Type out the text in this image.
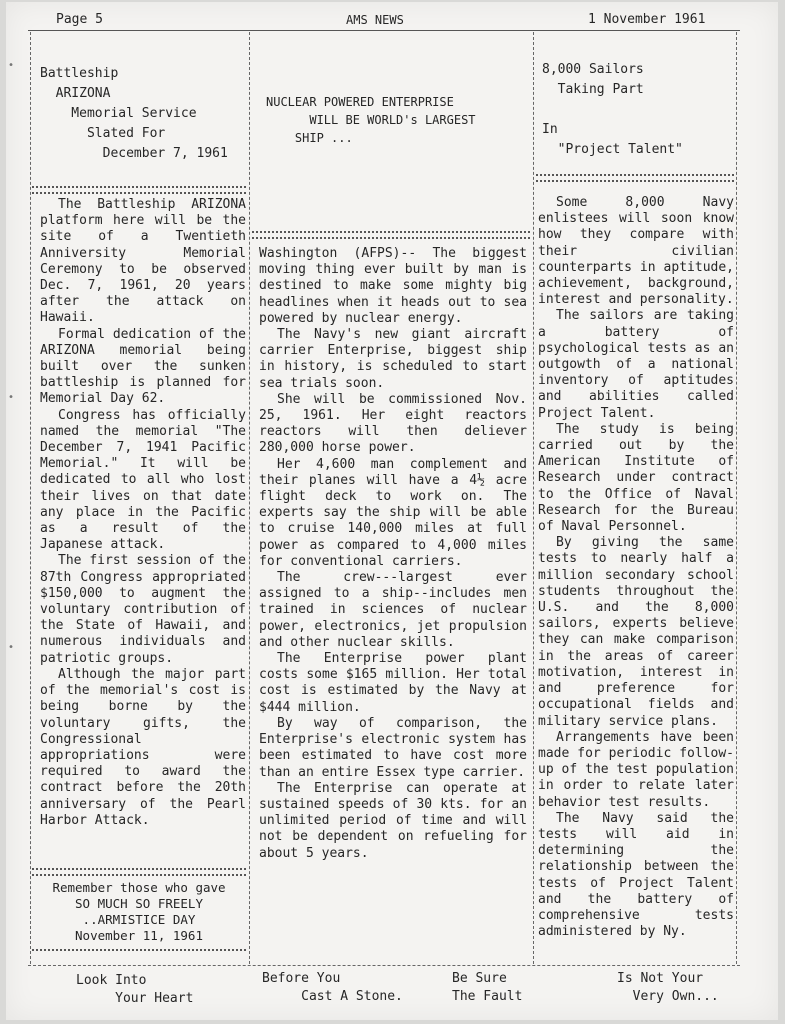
Page 5	AMS NEWS	1 November 1961
•
•
•
Battleship
ARIZONA
Memorial Service
Slated For
December 7, 1961
NUCLEAR POWERED ENTERPRISE
WILL BE WORLD's LARGEST
SHIP ...
8,000 Sailors
Taking Part

In
"Project Talent"

The Battleship ARIZONA platform here will be the site of a Twentieth Anniversity Memorial Ceremony to be observed Dec. 7, 1961, 20 years after the attack on Hawaii.

Formal dedication of the ARIZONA memorial being built over the sunken battleship is planned for Memorial Day 62.

Congress has officially named the memorial "The December 7, 1941 Pacific Memorial." It will be dedicated to all who lost their lives on that date any place in the Pacific as a result of the Japanese attack.

The first session of the 87th Congress appropriated $150,000 to augment the voluntary contribution of the State of Hawaii, and numerous individuals and patriotic groups.

Although the major part of the memorial's cost is being borne by the voluntary gifts, the Congressional appropriations were required to award the contract before the 20th anniversary of the Pearl Harbor Attack.

Remember those who gave
SO MUCH SO FREELY
..ARMISTICE DAY
November 11, 1961

Washington (AFPS)-- The biggest moving thing ever built by man is destined to make some mighty big headlines when it heads out to sea powered by nuclear energy.

The Navy's new giant aircraft carrier Enterprise, biggest ship in history, is scheduled to start sea trials soon.

She will be commissioned Nov. 25, 1961. Her eight reactors reactors will then deliever 280,000 horse power.

Her 4,600 man complement and their planes will have a 4½ acre flight deck to work on. The experts say the ship will be able to cruise 140,000 miles at full power as compared to 4,000 miles for conventional carriers.

The crew---largest ever assigned to a ship--includes men trained in sciences of nuclear power, electronics, jet propulsion and other nuclear skills.

The Enterprise power plant costs some $165 million. Her total cost is estimated by the Navy at $444 million.

By way of comparison, the Enterprise's electronic system has been estimated to have cost more than an entire Essex type carrier.

The Enterprise can operate at sustained speeds of 30 kts. for an unlimited period of time and will not be dependent on refueling for about 5 years.

Some 8,000 Navy enlistees will soon know how they compare with their civilian counterparts in aptitude, achievement, background, interest and personality.

The sailors are taking a battery of psychological tests as an outgowth of a national inventory of aptitudes and abilities called Project Talent.

The study is being carried out by the American Institute of Research under contract to the Office of Naval Research for the Bureau of Naval Personnel.

By giving the same tests to nearly half a million secondary school students throughout the U.S. and the 8,000 sailors, experts believe they can make comparison in the areas of career motivation, interest in and preference for occupational fields and military service plans.

Arrangements have been made for periodic follow-up of the test population in order to relate later behavior test results.

The Navy said the tests will aid in determining the relationship between the tests of Project Talent and the battery of comprehensive tests administered by Ny.

Look Into
Your Heart
Before You
Cast A Stone.
Be Sure
The Fault
Is Not Your
Very Own...
